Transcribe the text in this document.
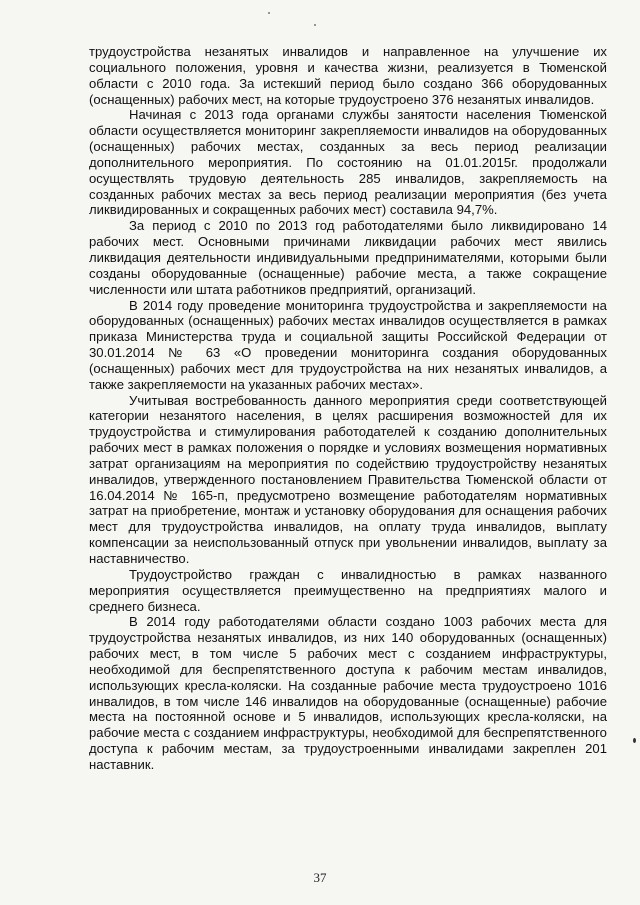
трудоустройства незанятых инвалидов и направленное на улучшение их социального положения, уровня и качества жизни, реализуется в Тюменской области с 2010 года. За истекший период было создано 366 оборудованных (оснащенных) рабочих мест, на которые трудоустроено 376 незанятых инвалидов.

Начиная с 2013 года органами службы занятости населения Тюменской области осуществляется мониторинг закрепляемости инвалидов на оборудованных (оснащенных) рабочих местах, созданных за весь период реализации дополнительного мероприятия. По состоянию на 01.01.2015г. продолжали осуществлять трудовую деятельность 285 инвалидов, закрепляемость на созданных рабочих местах за весь период реализации мероприятия (без учета ликвидированных и сокращенных рабочих мест) составила 94,7%.

За период с 2010 по 2013 год работодателями было ликвидировано 14 рабочих мест. Основными причинами ликвидации рабочих мест явились ликвидация деятельности индивидуальными предпринимателями, которыми были созданы оборудованные (оснащенные) рабочие места, а также сокращение численности или штата работников предприятий, организаций.

В 2014 году проведение мониторинга трудоустройства и закрепляемости на оборудованных (оснащенных) рабочих местах инвалидов осуществляется в рамках приказа Министерства труда и социальной защиты Российской Федерации от 30.01.2014 № 63 «О проведении мониторинга создания оборудованных (оснащенных) рабочих мест для трудоустройства на них незанятых инвалидов, а также закрепляемости на указанных рабочих местах».

Учитывая востребованность данного мероприятия среди соответствующей категории незанятого населения, в целях расширения возможностей для их трудоустройства и стимулирования работодателей к созданию дополнительных рабочих мест в рамках положения о порядке и условиях возмещения нормативных затрат организациям на мероприятия по содействию трудоустройству незанятых инвалидов, утвержденного постановлением Правительства Тюменской области от 16.04.2014 № 165-п, предусмотрено возмещение работодателям нормативных затрат на приобретение, монтаж и установку оборудования для оснащения рабочих мест для трудоустройства инвалидов, на оплату труда инвалидов, выплату компенсации за неиспользованный отпуск при увольнении инвалидов, выплату за наставничество.

Трудоустройство граждан с инвалидностью в рамках названного мероприятия осуществляется преимущественно на предприятиях малого и среднего бизнеса.

В 2014 году работодателями области создано 1003 рабочих места для трудоустройства незанятых инвалидов, из них 140 оборудованных (оснащенных) рабочих мест, в том числе 5 рабочих мест с созданием инфраструктуры, необходимой для беспрепятственного доступа к рабочим местам инвалидов, использующих кресла-коляски. На созданные рабочие места трудоустроено 1016 инвалидов, в том числе 146 инвалидов на оборудованные (оснащенные) рабочие места на постоянной основе и 5 инвалидов, использующих кресла-коляски, на рабочие места с созданием инфраструктуры, необходимой для беспрепятственного доступа к рабочим местам, за трудоустроенными инвалидами закреплен 201 наставник.

37
